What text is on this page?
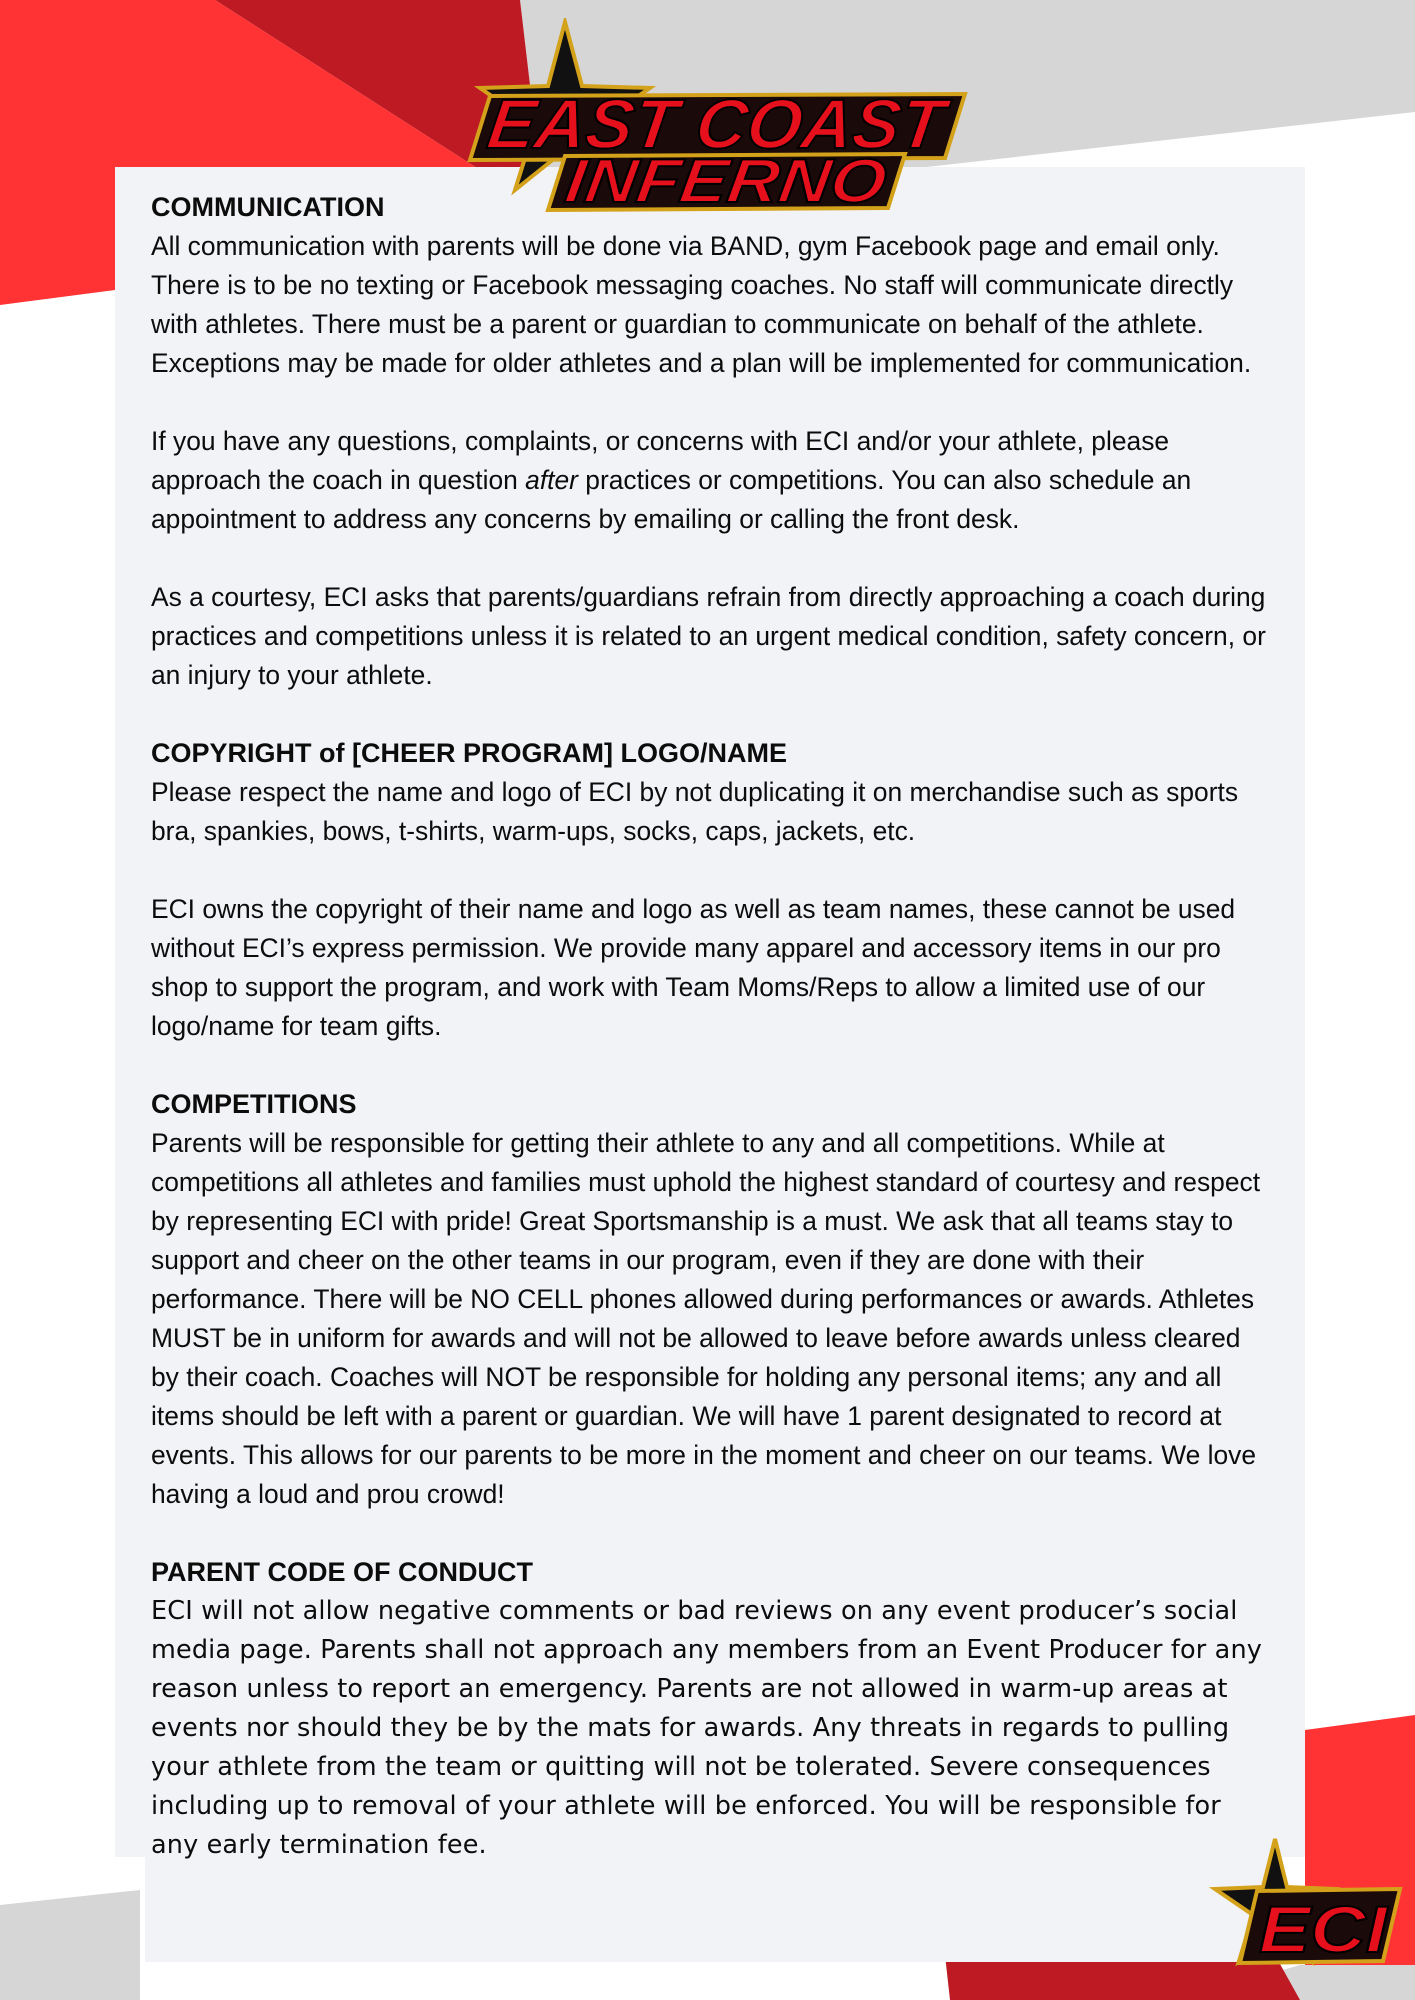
EAST COAST
INFERNO
ECI
COMMUNICATION

All communication with parents will be done via BAND, gym Facebook page and email only. There is to be no texting or Facebook messaging coaches. No staff will communicate directly with athletes. There must be a parent or guardian to communicate on behalf of the athlete. Exceptions may be made for older athletes and a plan will be implemented for communication.

If you have any questions, complaints, or concerns with ECI and/or your athlete, please approach the coach in question after practices or competitions. You can also schedule an appointment to address any concerns by emailing or calling the front desk.

As a courtesy, ECI asks that parents/guardians refrain from directly approaching a coach during practices and competitions unless it is related to an urgent medical condition, safety concern, or an injury to your athlete.

COPYRIGHT of [CHEER PROGRAM] LOGO/NAME

Please respect the name and logo of ECI by not duplicating it on merchandise such as sports bra, spankies, bows, t-shirts, warm-ups, socks, caps, jackets, etc.

ECI owns the copyright of their name and logo as well as team names, these cannot be used without ECI’s express permission. We provide many apparel and accessory items in our pro shop to support the program, and work with Team Moms/Reps to allow a limited use of our logo/name for team gifts.

COMPETITIONS

Parents will be responsible for getting their athlete to any and all competitions. While at competitions all athletes and families must uphold the highest standard of courtesy and respect by representing ECI with pride! Great Sportsmanship is a must. We ask that all teams stay to support and cheer on the other teams in our program, even if they are done with their performance. There will be NO CELL phones allowed during performances or awards. Athletes MUST be in uniform for awards and will not be allowed to leave before awards unless cleared by their coach. Coaches will NOT be responsible for holding any personal items; any and all items should be left with a parent or guardian. We will have 1 parent designated to record at events. This allows for our parents to be more in the moment and cheer on our teams. We love having a loud and prou crowd!

PARENT CODE OF CONDUCT

ECI will not allow negative comments or bad reviews on any event producer’s social media page. Parents shall not approach any members from an Event Producer for any reason unless to report an emergency. Parents are not allowed in warm-up areas at events nor should they be by the mats for awards. Any threats in regards to pulling your athlete from the team or quitting will not be tolerated. Severe consequences including up to removal of your athlete will be enforced. You will be responsible for any early termination fee.
